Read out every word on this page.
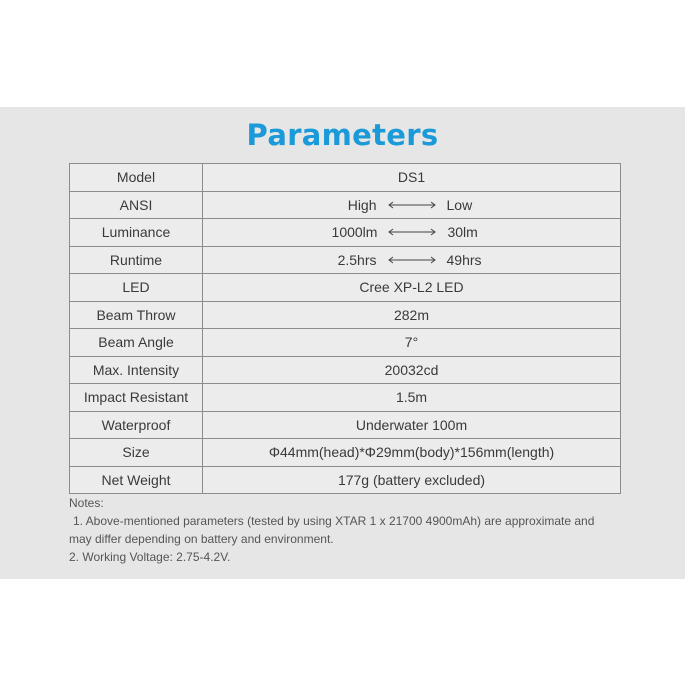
Parameters
Model	DS1
ANSI	High Low

Luminance	1000lm 30lm

Runtime	2.5hrs 49hrs

LED	Cree XP-L2 LED
Beam Throw	282m
Beam Angle	7°
Max. Intensity	20032cd
Impact Resistant	1.5m
Waterproof	Underwater 100m
Size	Φ44mm(head)*Φ29mm(body)*156mm(length)
Net Weight	177g (battery excluded)
Notes:
1. Above-mentioned parameters (tested by using XTAR 1 x 21700 4900mAh) are approximate and
may differ depending on battery and environment.
2. Working Voltage: 2.75-4.2V.
